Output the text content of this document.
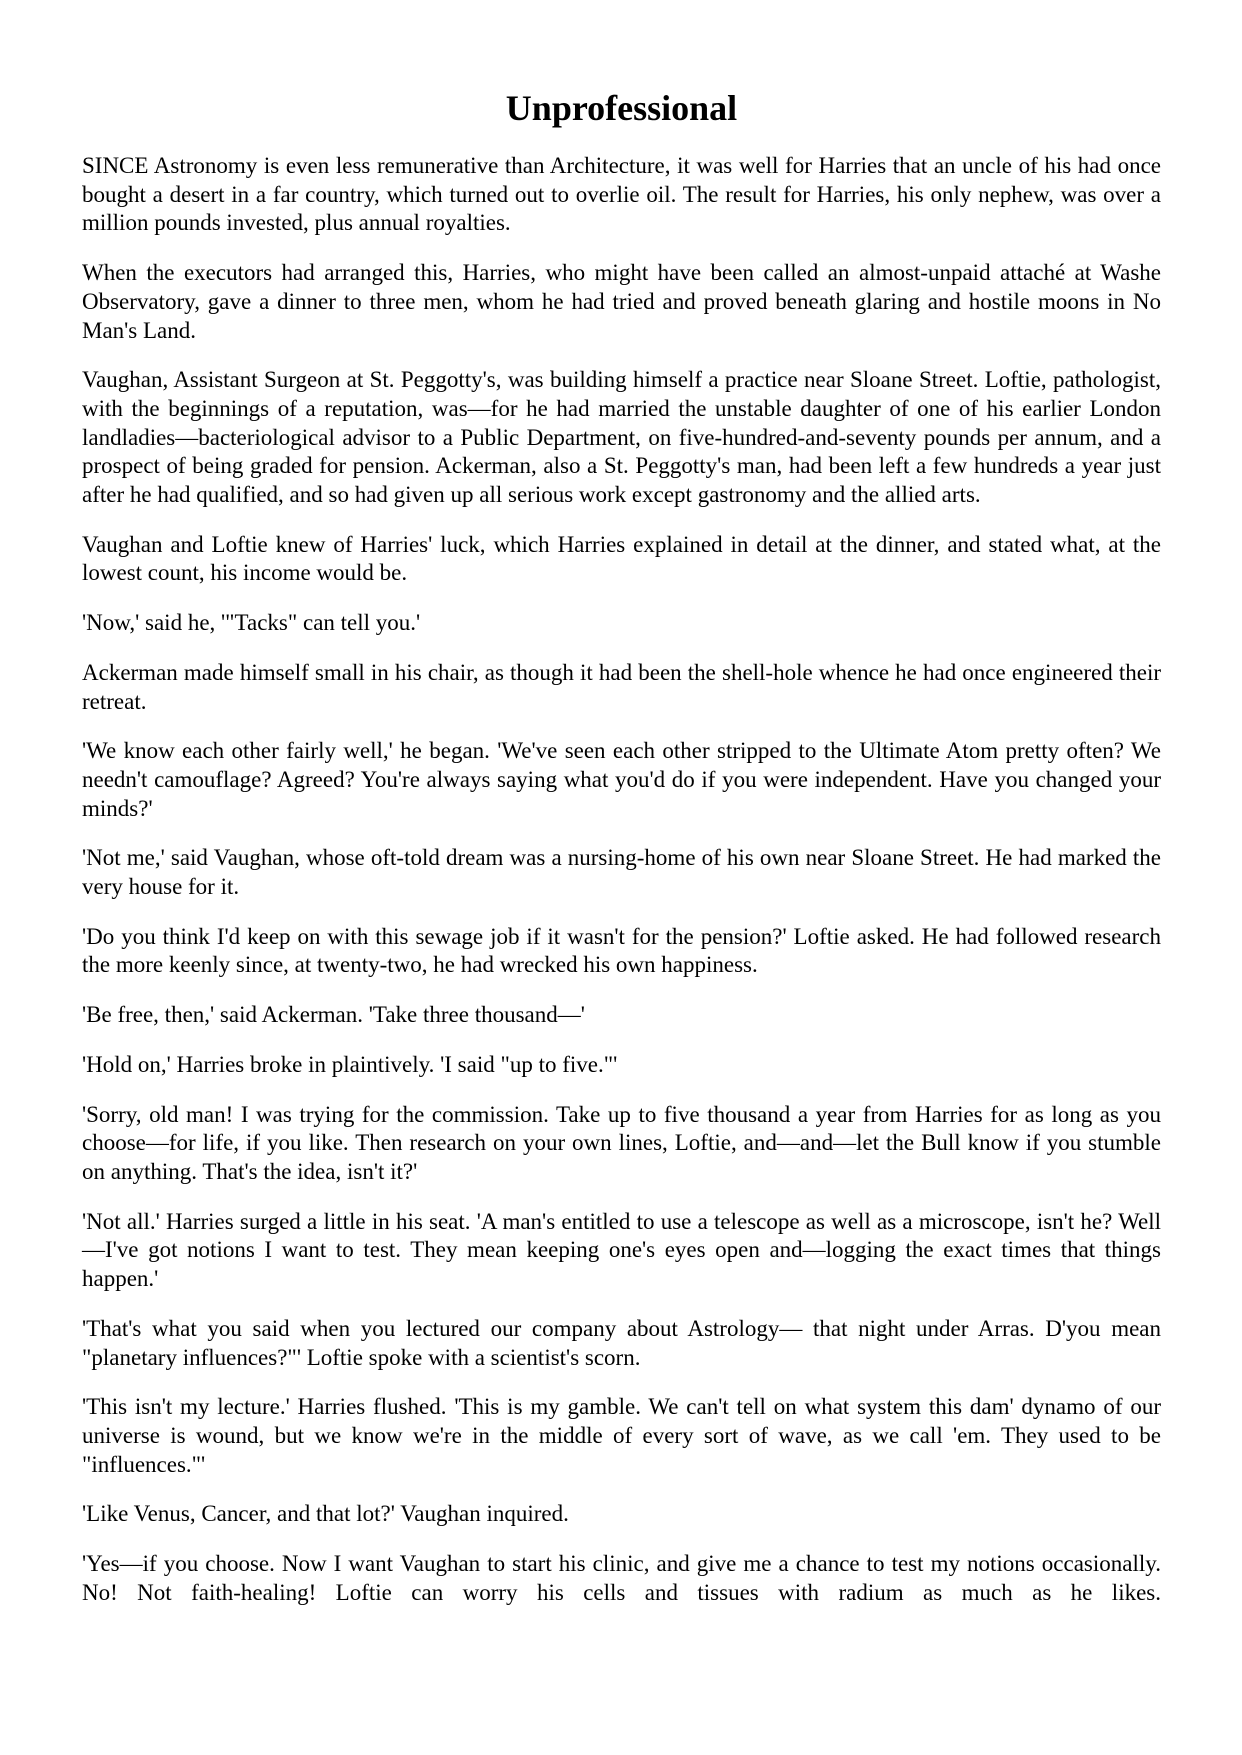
Unprofessional

SINCE Astronomy is even less remunerative than Architecture, it was well for Harries that an uncle of his had once bought a desert in a far country, which turned out to overlie oil. The result for Harries, his only nephew, was over a million pounds invested, plus annual royalties.

When the executors had arranged this, Harries, who might have been called an almost-unpaid attaché at Washe Observatory, gave a dinner to three men, whom he had tried and proved beneath glaring and hostile moons in No Man's Land.

Vaughan, Assistant Surgeon at St. Peggotty's, was building himself a practice near Sloane Street. Loftie, pathologist, with the beginnings of a reputation, was—for he had married the unstable daughter of one of his earlier London landladies—bacteriological advisor to a Public Department, on five-hundred-and-seventy pounds per annum, and a prospect of being graded for pension. Ackerman, also a St. Peggotty's man, had been left a few hundreds a year just after he had qualified, and so had given up all serious work except gastronomy and the allied arts.

Vaughan and Loftie knew of Harries' luck, which Harries explained in detail at the dinner, and stated what, at the lowest count, his income would be.

'Now,' said he, '"Tacks" can tell you.'

Ackerman made himself small in his chair, as though it had been the shell-hole whence he had once engineered their retreat.

'We know each other fairly well,' he began. 'We've seen each other stripped to the Ultimate Atom pretty often? We needn't camouflage? Agreed? You're always saying what you'd do if you were independent. Have you changed your minds?'

'Not me,' said Vaughan, whose oft-told dream was a nursing-home of his own near Sloane Street. He had marked the very house for it.

'Do you think I'd keep on with this sewage job if it wasn't for the pension?' Loftie asked. He had followed research the more keenly since, at twenty-two, he had wrecked his own happiness.

'Be free, then,' said Ackerman. 'Take three thousand—'

'Hold on,' Harries broke in plaintively. 'I said "up to five."'

'Sorry, old man! I was trying for the commission. Take up to five thousand a year from Harries for as long as you choose—for life, if you like. Then research on your own lines, Loftie, and—and—let the Bull know if you stumble on anything. That's the idea, isn't it?'

'Not all.' Harries surged a little in his seat. 'A man's entitled to use a telescope as well as a microscope, isn't he? Well—I've got notions I want to test. They mean keeping one's eyes open and—logging the exact times that things happen.'

'That's what you said when you lectured our company about Astrology— that night under Arras. D'you mean "planetary influences?"' Loftie spoke with a scientist's scorn.

'This isn't my lecture.' Harries flushed. 'This is my gamble. We can't tell on what system this dam' dynamo of our universe is wound, but we know we're in the middle of every sort of wave, as we call 'em. They used to be "influences."'

'Like Venus, Cancer, and that lot?' Vaughan inquired.

'Yes—if you choose. Now I want Vaughan to start his clinic, and give me a chance to test my notions occasionally. No! Not faith-healing! Loftie can worry his cells and tissues with radium as much as he likes.
